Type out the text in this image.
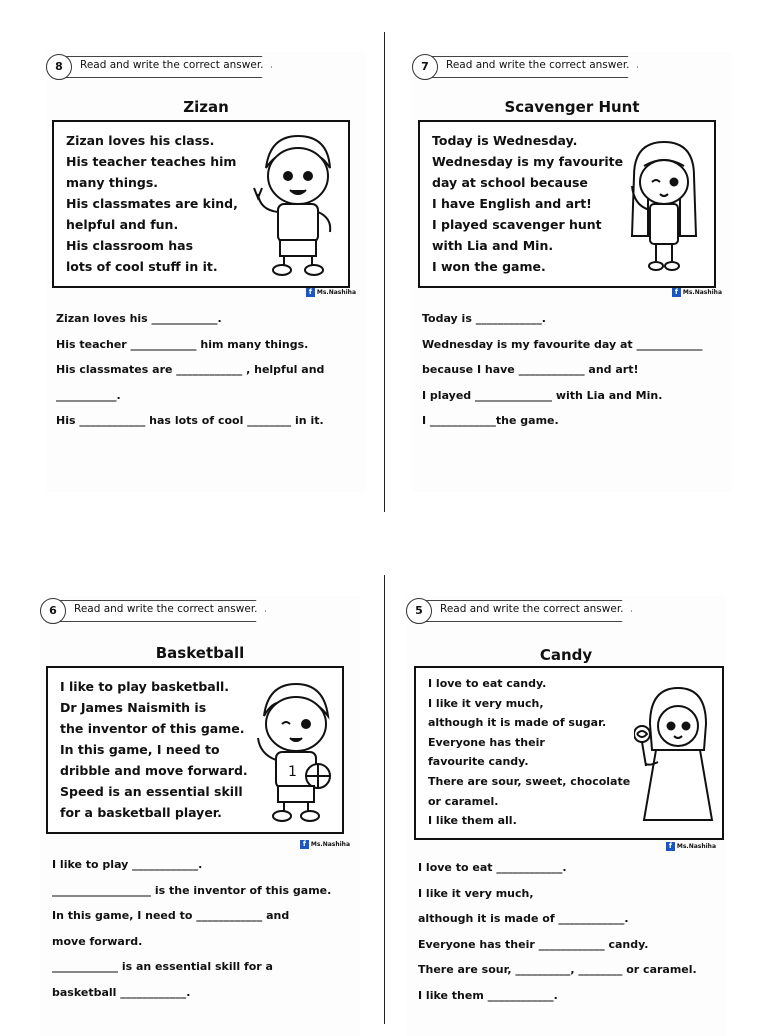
8	Read and write the correct answer.
Zizan
Zizan loves his class.
His teacher teaches him
many things.
His classmates are kind,
helpful and fun.
His classroom has
lots of cool stuff in it.
f Ms.Nashiha
Zizan loves his ____________.
His teacher ____________ him many things.
His classmates are ____________ , helpful and
___________.
His ____________ has lots of cool ________ in it.
7	Read and write the correct answer.
Scavenger Hunt
Today is Wednesday.
Wednesday is my favourite
day at school because
I have English and art!
I played scavenger hunt
with Lia and Min.
I won the game.
f Ms.Nashiha
Today is ____________.
Wednesday is my favourite day at ____________
because I have ____________ and art!
I played ______________ with Lia and Min.
I ____________the game.
6	Read and write the correct answer.
Basketball
I like to play basketball.
Dr James Naismith is
the inventor of this game.
In this game, I need to
dribble and move forward.
Speed is an essential skill
for a basketball player.
1
f Ms.Nashiha
I like to play ____________.
__________________ is the inventor of this game.
In this game, I need to ____________ and
move forward.
____________ is an essential skill for a
basketball ____________.
5	Read and write the correct answer.
Candy
I love to eat candy.
I like it very much,
although it is made of sugar.
Everyone has their
favourite candy.
There are sour, sweet, chocolate
or caramel.
I like them all.
f Ms.Nashiha
I love to eat ____________.
I like it very much,
although it is made of ____________.
Everyone has their ____________ candy.
There are sour, __________, ________ or caramel.
I like them ____________.
